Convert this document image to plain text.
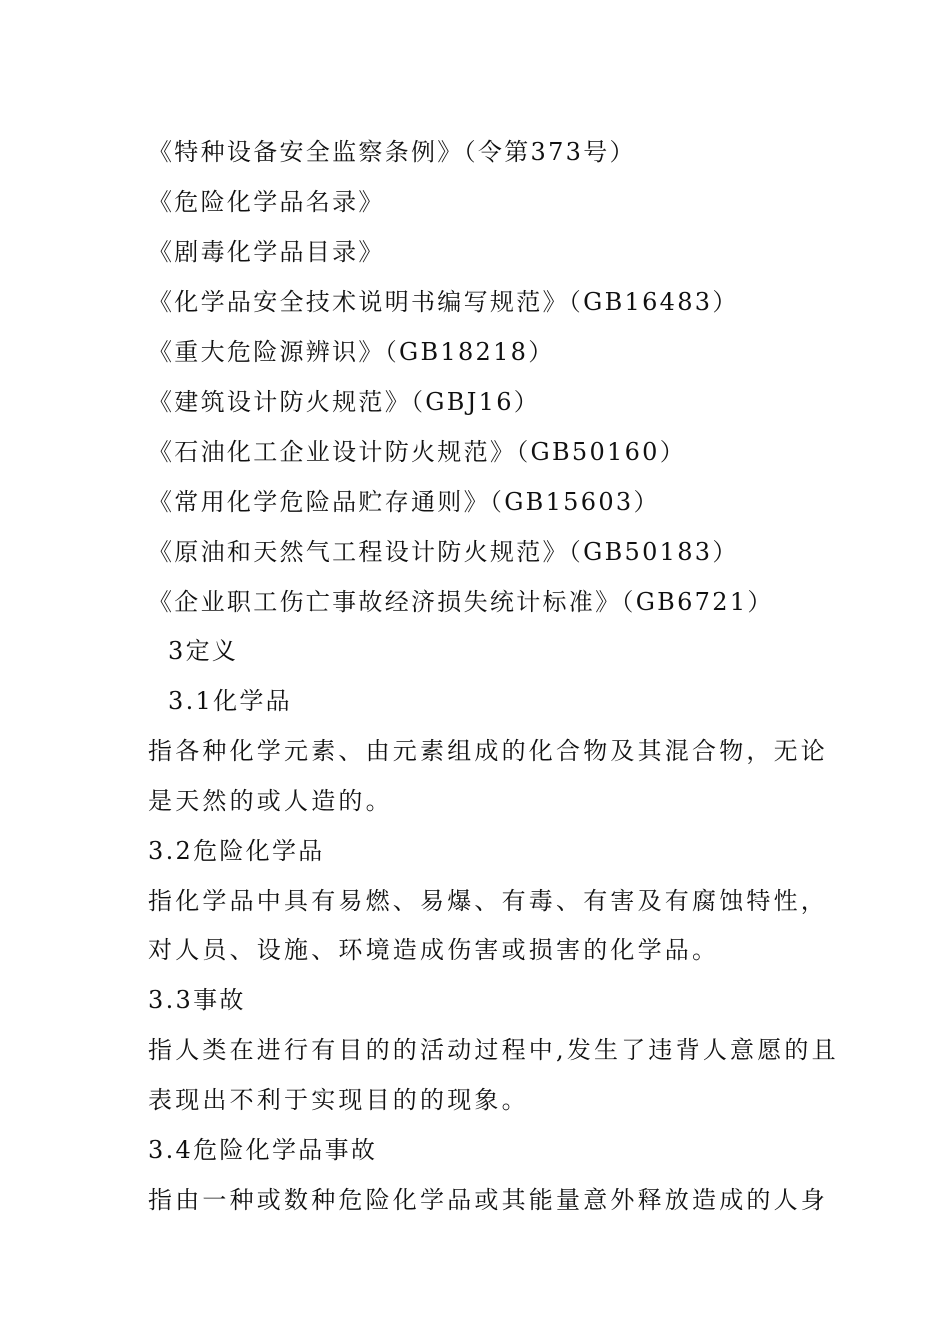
《特种设备安全监察条例》（令第373号）
《危险化学品名录》
《剧毒化学品目录》
《化学品安全技术说明书编写规范》（GB16483）
《重大危险源辨识》（GB18218）
《建筑设计防火规范》（GBJ16）
《石油化工企业设计防火规范》（GB50160）
《常用化学危险品贮存通则》（GB15603）
《原油和天然气工程设计防火规范》（GB50183）
《企业职工伤亡事故经济损失统计标准》（GB6721）
3定义
3.1化学品
指各种化学元素、由元素组成的化合物及其混合物，无论
是天然的或人造的。
3.2危险化学品
指化学品中具有易燃、易爆、有毒、有害及有腐蚀特性，
对人员、设施、环境造成伤害或损害的化学品。
3.3事故
指人类在进行有目的的活动过程中,发生了违背人意愿的且
表现出不利于实现目的的现象。
3.4危险化学品事故
指由一种或数种危险化学品或其能量意外释放造成的人身
